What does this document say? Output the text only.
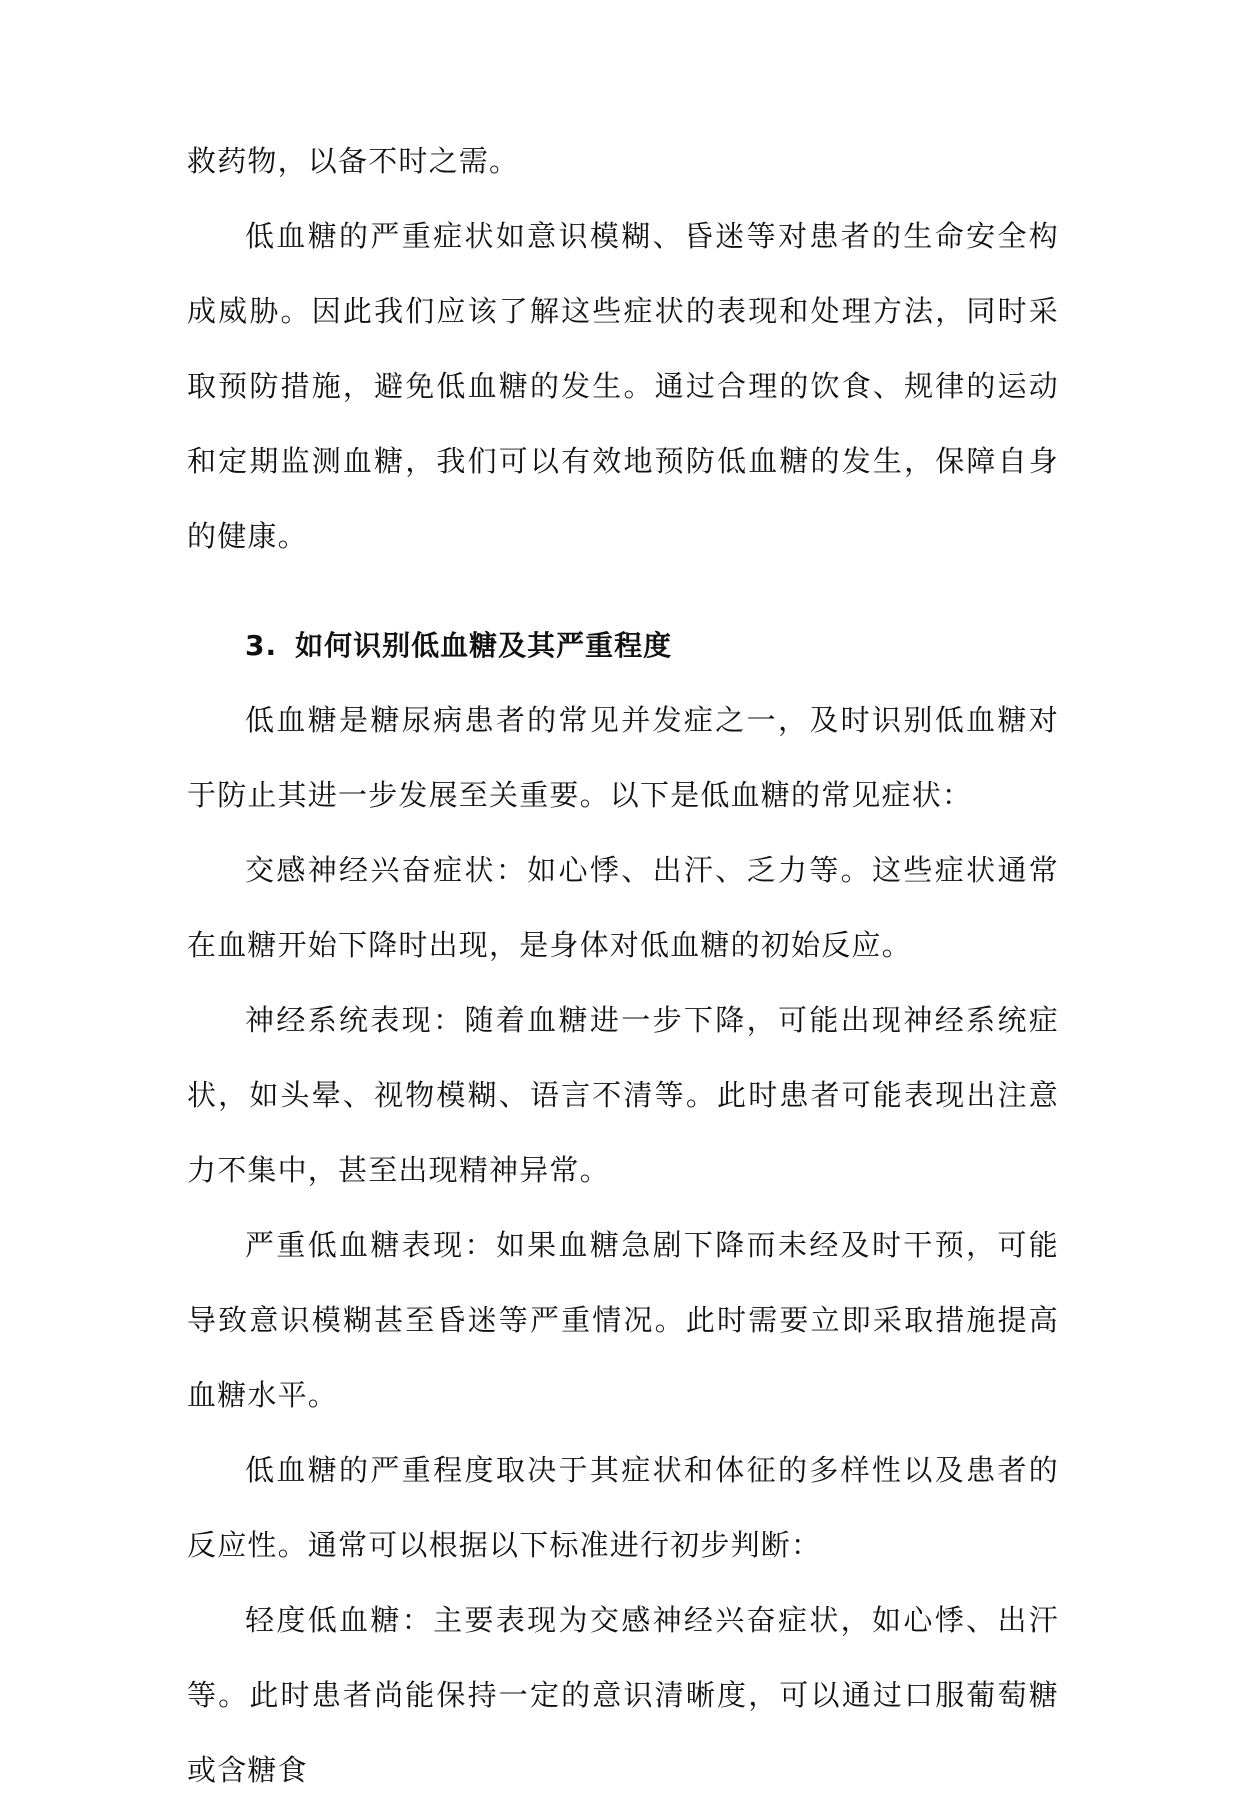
救药物，以备不时之需。

低血糖的严重症状如意识模糊、昏迷等对患者的生命安全构成威胁。因此我们应该了解这些症状的表现和处理方法，同时采取预防措施，避免低血糖的发生。通过合理的饮食、规律的运动和定期监测血糖，我们可以有效地预防低血糖的发生，保障自身的健康。

3. 如何识别低血糖及其严重程度

低血糖是糖尿病患者的常见并发症之一，及时识别低血糖对于防止其进一步发展至关重要。以下是低血糖的常见症状：

交感神经兴奋症状：如心悸、出汗、乏力等。这些症状通常在血糖开始下降时出现，是身体对低血糖的初始反应。

神经系统表现：随着血糖进一步下降，可能出现神经系统症状，如头晕、视物模糊、语言不清等。此时患者可能表现出注意力不集中，甚至出现精神异常。

严重低血糖表现：如果血糖急剧下降而未经及时干预，可能导致意识模糊甚至昏迷等严重情况。此时需要立即采取措施提高血糖水平。

低血糖的严重程度取决于其症状和体征的多样性以及患者的反应性。通常可以根据以下标准进行初步判断：

轻度低血糖：主要表现为交感神经兴奋症状，如心悸、出汗等。此时患者尚能保持一定的意识清晰度，可以通过口服葡萄糖或含糖食
